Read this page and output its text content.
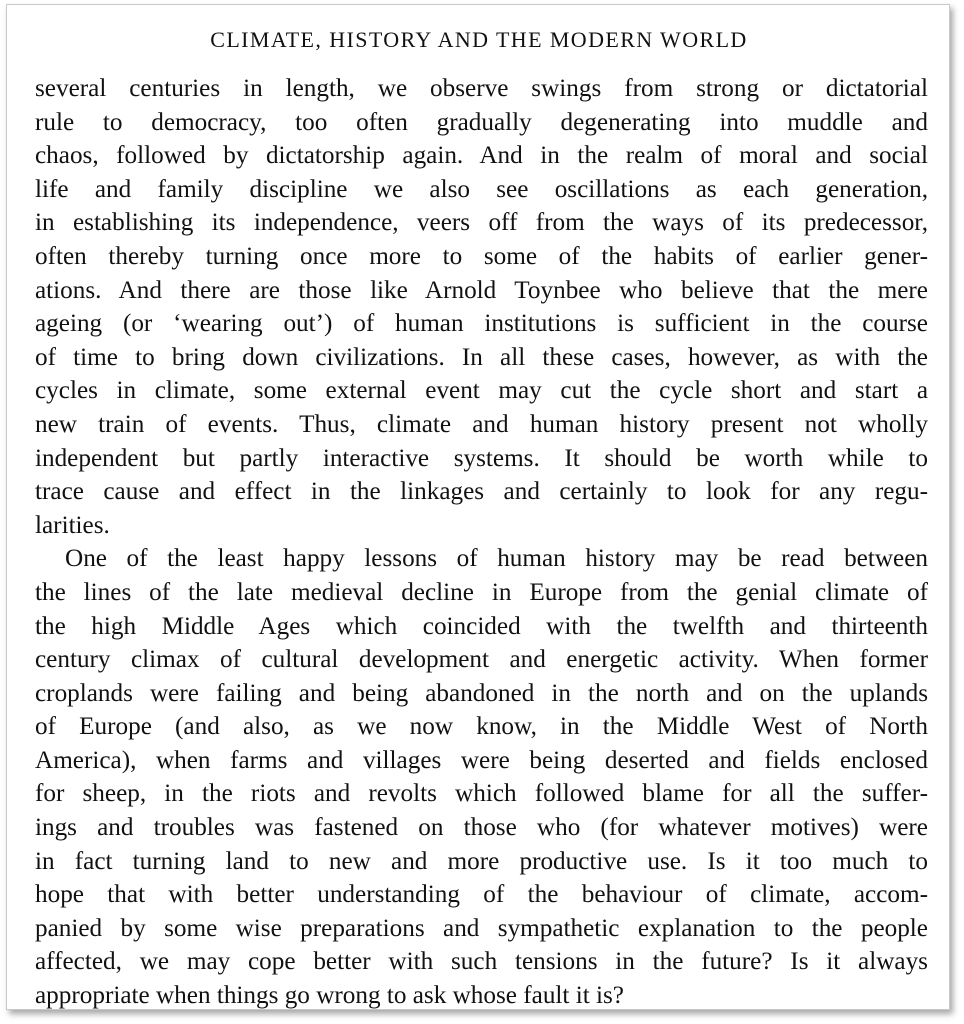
CLIMATE, HISTORY AND THE MODERN WORLD
several centuries in length, we observe swings from strong or dictatorial
rule to democracy, too often gradually degenerating into muddle and
chaos, followed by dictatorship again. And in the realm of moral and social
life and family discipline we also see oscillations as each generation,
in establishing its independence, veers off from the ways of its predecessor,
often thereby turning once more to some of the habits of earlier gener-
ations. And there are those like Arnold Toynbee who believe that the mere
ageing (or ‘wearing out’) of human institutions is sufficient in the course
of time to bring down civilizations. In all these cases, however, as with the
cycles in climate, some external event may cut the cycle short and start a
new train of events. Thus, climate and human history present not wholly
independent but partly interactive systems. It should be worth while to
trace cause and effect in the linkages and certainly to look for any regu-
larities.
One of the least happy lessons of human history may be read between
the lines of the late medieval decline in Europe from the genial climate of
the high Middle Ages which coincided with the twelfth and thirteenth
century climax of cultural development and energetic activity. When former
croplands were failing and being abandoned in the north and on the uplands
of Europe (and also, as we now know, in the Middle West of North
America), when farms and villages were being deserted and fields enclosed
for sheep, in the riots and revolts which followed blame for all the suffer-
ings and troubles was fastened on those who (for whatever motives) were
in fact turning land to new and more productive use. Is it too much to
hope that with better understanding of the behaviour of climate, accom-
panied by some wise preparations and sympathetic explanation to the people
affected, we may cope better with such tensions in the future? Is it always
appropriate when things go wrong to ask whose fault it is?
